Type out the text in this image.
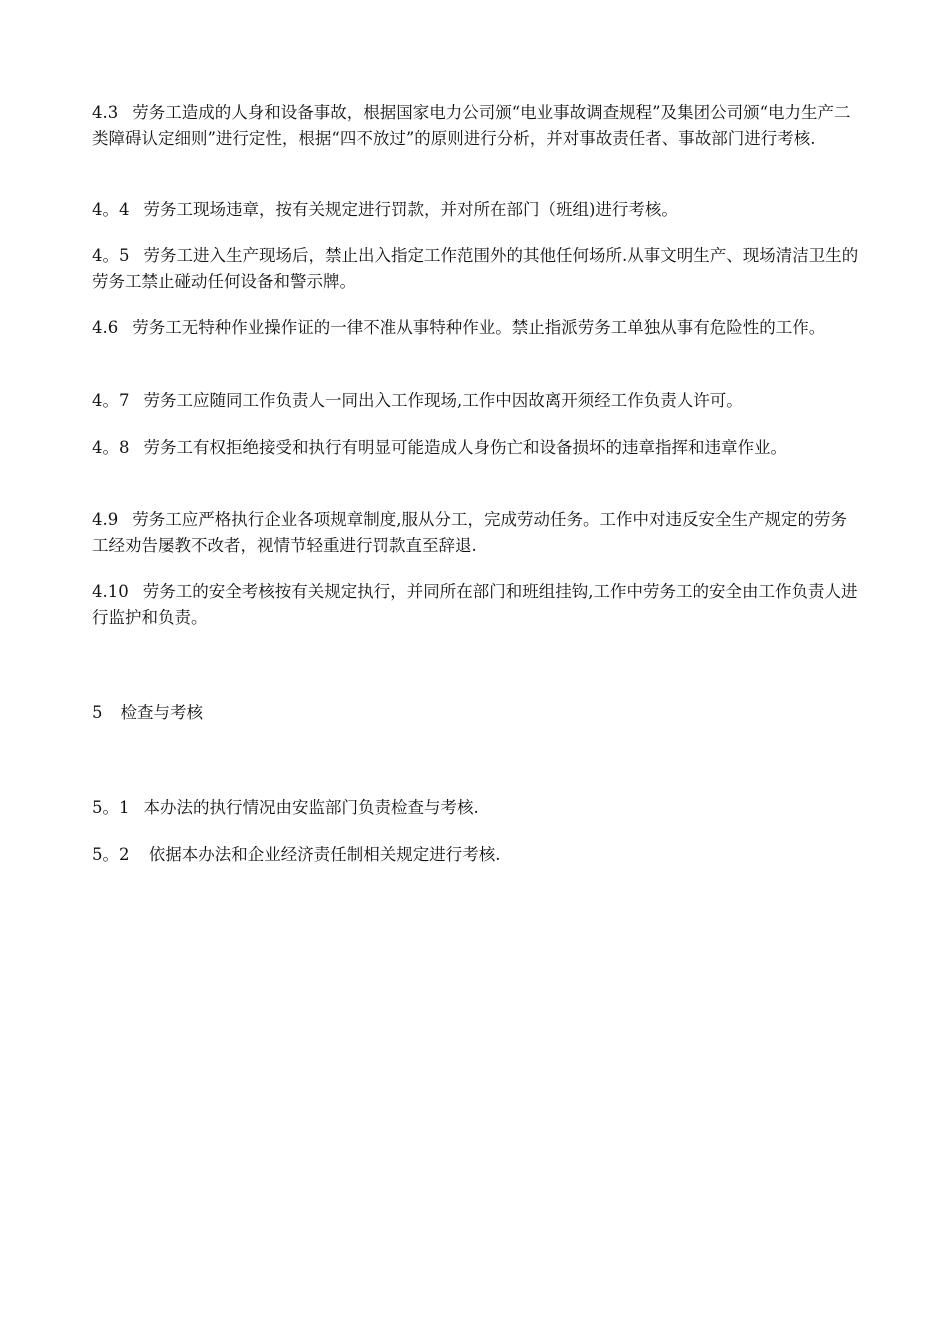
4.3 劳务工造成的人身和设备事故，根据国家电力公司颁“电业事故调查规程”及集团公司颁“电力生产二类障碍认定细则”进行定性，根据“四不放过”的原则进行分析，并对事故责任者、事故部门进行考核.

4。4 劳务工现场违章，按有关规定进行罚款，并对所在部门（班组)进行考核。

4。5 劳务工进入生产现场后，禁止出入指定工作范围外的其他任何场所.从事文明生产、现场清洁卫生的劳务工禁止碰动任何设备和警示牌。

4.6 劳务工无特种作业操作证的一律不准从事特种作业。禁止指派劳务工单独从事有危险性的工作。

4。7 劳务工应随同工作负责人一同出入工作现场,工作中因故离开须经工作负责人许可。

4。8 劳务工有权拒绝接受和执行有明显可能造成人身伤亡和设备损坏的违章指挥和违章作业。

4.9 劳务工应严格执行企业各项规章制度,服从分工，完成劳动任务。工作中对违反安全生产规定的劳务工经劝告屡教不改者，视情节轻重进行罚款直至辞退.

4.10 劳务工的安全考核按有关规定执行，并同所在部门和班组挂钩,工作中劳务工的安全由工作负责人进行监护和负责。

5 检查与考核

5。1 本办法的执行情况由安监部门负责检查与考核.

5。2 依据本办法和企业经济责任制相关规定进行考核.
